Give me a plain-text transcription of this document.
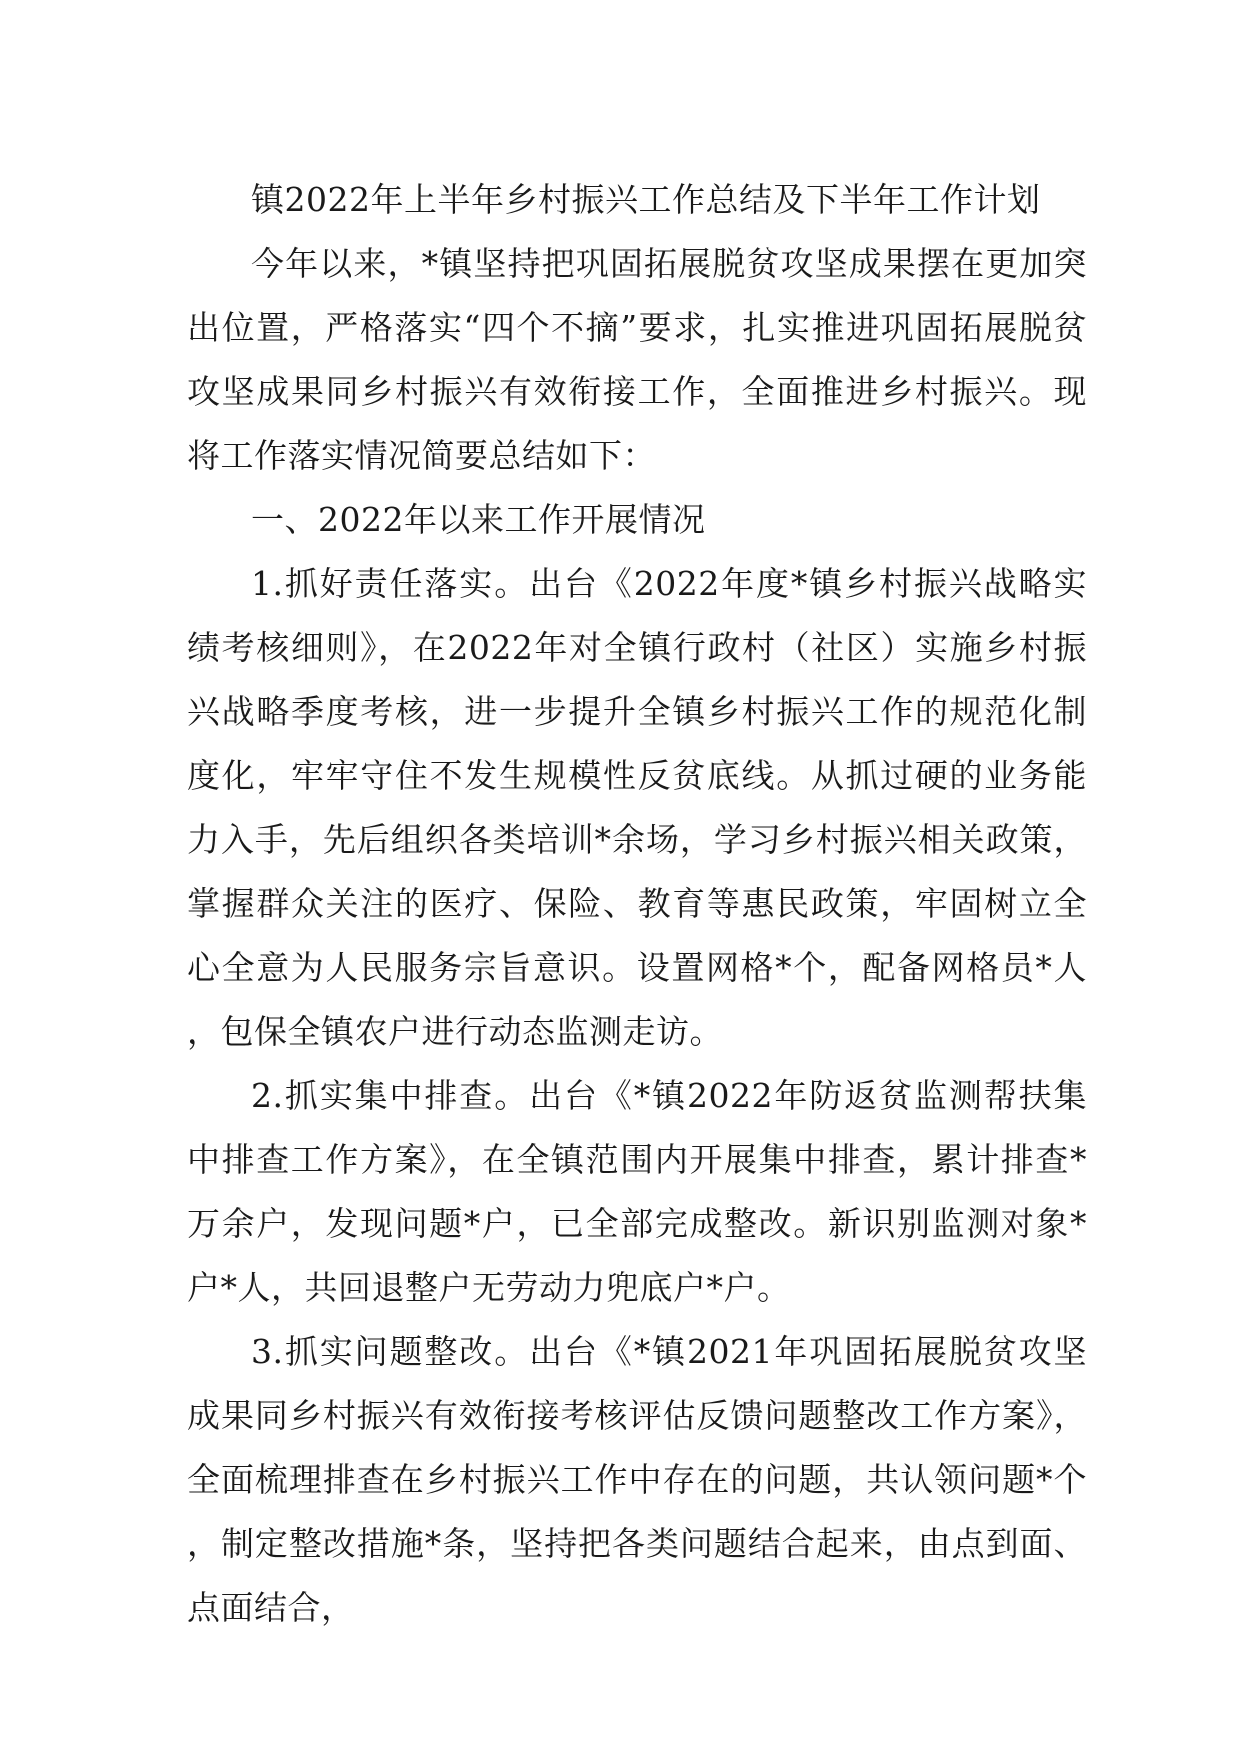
镇2022年上半年乡村振兴工作总结及下半年工作计划

今年以来，*镇坚持把巩固拓展脱贫攻坚成果摆在更加突出位置，严格落实“四个不摘”要求，扎实推进巩固拓展脱贫攻坚成果同乡村振兴有效衔接工作，全面推进乡村振兴。现将工作落实情况简要总结如下：

一、2022年以来工作开展情况

1.抓好责任落实。出台《2022年度*镇乡村振兴战略实绩考核细则》，在2022年对全镇行政村（社区）实施乡村振兴战略季度考核，进一步提升全镇乡村振兴工作的规范化制度化，牢牢守住不发生规模性反贫底线。从抓过硬的业务能力入手，先后组织各类培训*余场，学习乡村振兴相关政策，掌握群众关注的医疗、保险、教育等惠民政策，牢固树立全心全意为人民服务宗旨意识。设置网格*个，配备网格员*人，包保全镇农户进行动态监测走访。

2.抓实集中排查。出台《*镇2022年防返贫监测帮扶集中排查工作方案》，在全镇范围内开展集中排查，累计排查*万余户，发现问题*户，已全部完成整改。新识别监测对象*户*人，共回退整户无劳动力兜底户*户。

3.抓实问题整改。出台《*镇2021年巩固拓展脱贫攻坚成果同乡村振兴有效衔接考核评估反馈问题整改工作方案》，全面梳理排查在乡村振兴工作中存在的问题，共认领问题*个，制定整改措施*条，坚持把各类问题结合起来，由点到面、点面结合，
